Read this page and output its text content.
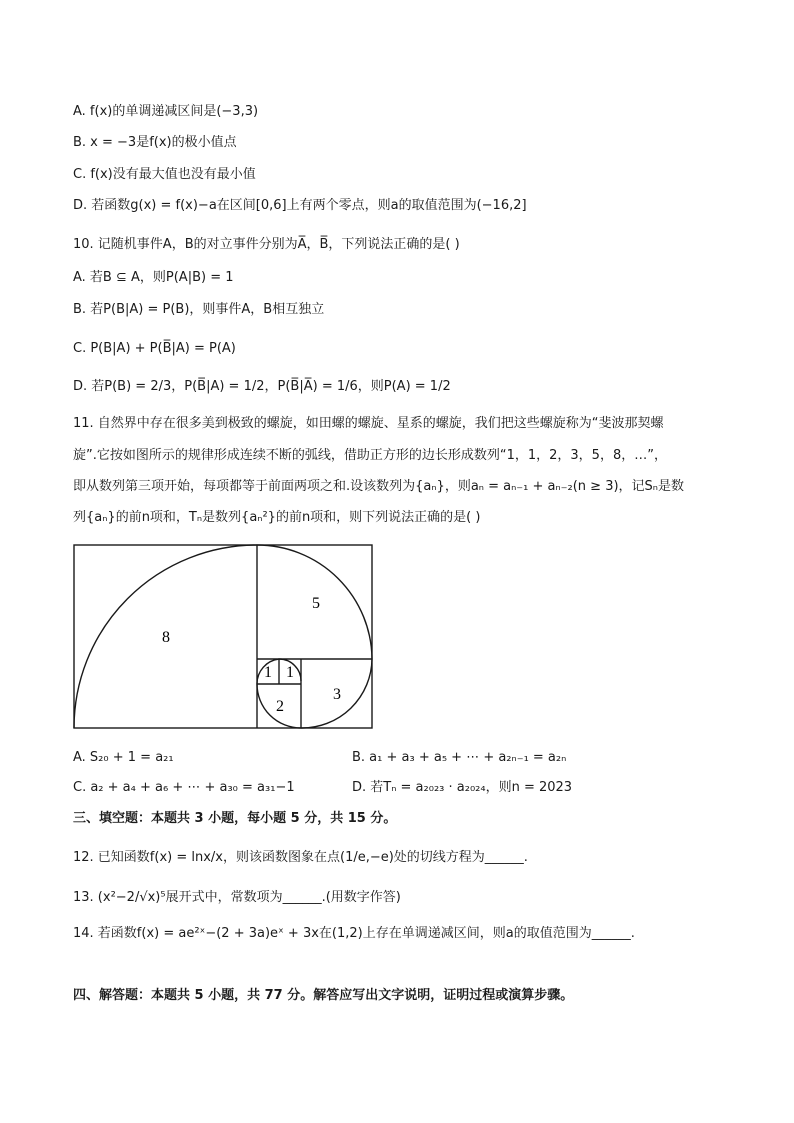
A. f(x)的单调递减区间是(−3,3)
B. x = −3是f(x)的极小值点
C. f(x)没有最大值也没有最小值
D. 若函数g(x) = f(x)−a在区间[0,6]上有两个零点，则a的取值范围为(−16,2]
10. 记随机事件A，B的对立事件分别为A̅，B̅，下列说法正确的是( )
A. 若B ⊆ A，则P(A|B) = 1
B. 若P(B|A) = P(B)，则事件A，B相互独立
C. P(B|A) + P(B̅|A) = P(A)
D. 若P(B) = 2/3，P(B̅|A) = 1/2，P(B̅|A̅) = 1/6，则P(A) = 1/2
11. 自然界中存在很多美到极致的螺旋，如田螺的螺旋、星系的螺旋，我们把这些螺旋称为“斐波那契螺
旋”.它按如图所示的规律形成连续不断的弧线，借助正方形的边长形成数列“1，1，2，3，5，8，…”，
即从数列第三项开始，每项都等于前面两项之和.设该数列为{aₙ}，则aₙ = aₙ₋₁ + aₙ₋₂(n ≥ 3)，记Sₙ是数
列{aₙ}的前n项和，Tₙ是数列{aₙ²}的前n项和，则下列说法正确的是( )
8
5
3
2
1 1
A. S₂₀ + 1 = a₂₁	B. a₁ + a₃ + a₅ + ⋯ + a₂ₙ₋₁ = a₂ₙ
C. a₂ + a₄ + a₆ + ⋯ + a₃₀ = a₃₁−1	D. 若Tₙ = a₂₀₂₃ · a₂₀₂₄，则n = 2023
三、填空题：本题共 3 小题，每小题 5 分，共 15 分。
12. 已知函数f(x) = lnx/x，则该函数图象在点(1/e,−e)处的切线方程为______.
13. (x²−2/√x)⁵展开式中，常数项为______.(用数字作答)
14. 若函数f(x) = ae²ˣ−(2 + 3a)eˣ + 3x在(1,2)上存在单调递减区间，则a的取值范围为______.
四、解答题：本题共 5 小题，共 77 分。解答应写出文字说明，证明过程或演算步骤。
